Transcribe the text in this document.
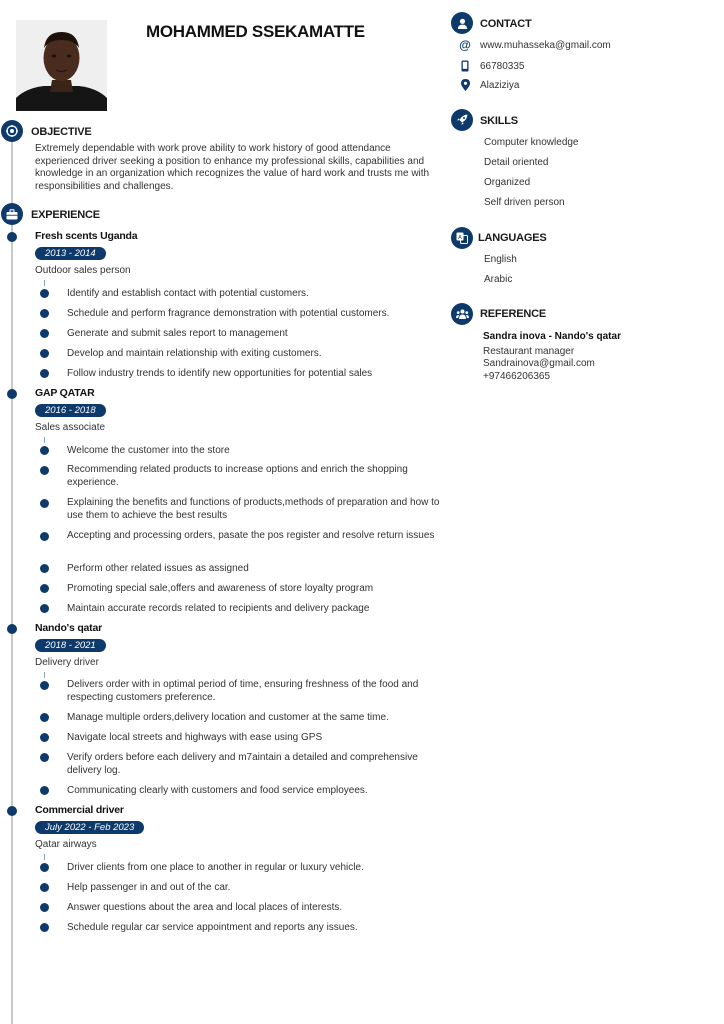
MOHAMMED SSEKAMATTE
OBJECTIVE
Extremely dependable with work prove ability to work history of good attendance experienced driver seeking a position to enhance my professional skills, capabilities and knowledge in an organization which recognizes the value of hard work and trusts me with responsibilities and challenges.
EXPERIENCE
Fresh scents Uganda
2013 - 2014
Outdoor sales person
Identify and establish contact with potential customers.
Schedule and perform fragrance demonstration with potential customers.
Generate and submit sales report to management
Develop and maintain relationship with exiting customers.
Follow industry trends to identify new opportunities for potential sales
GAP QATAR
2016 - 2018
Sales associate
Welcome the customer into the store
Recommending related products to increase options and enrich the shopping experience.
Explaining the benefits and functions of products,methods of preparation and how to use them to achieve the best results
Accepting and processing orders, pasate the pos register and resolve return issues
Perform other related issues as assigned
Promoting special sale,offers and awareness of store loyalty program
Maintain accurate records related to recipients and delivery package
Nando's qatar
2018 - 2021
Delivery driver
Delivers order with in optimal period of time, ensuring freshness of the food and respecting customers preference.
Manage multiple orders,delivery location and customer at the same time.
Navigate local streets and highways with ease using GPS
Verify orders before each delivery and m7aintain a detailed and comprehensive delivery log.
Communicating clearly with customers and food service employees.
Commercial driver
July 2022 - Feb 2023
Qatar airways
Driver clients from one place to another in regular or luxury vehicle.
Help passenger in and out of the car.
Answer questions about the area and local places of interests.
Schedule regular car service appointment and reports any issues.
CONTACT
@ www.muhasseka@gmail.com
66780335
Alaziziya
SKILLS
Computer knowledge
Detail oriented
Organized
Self driven person
A LANGUAGES
English
Arabic
REFERENCE
Sandra inova - Nando's qatar
Restaurant manager
Sandrainova@gmail.com
+97466206365
